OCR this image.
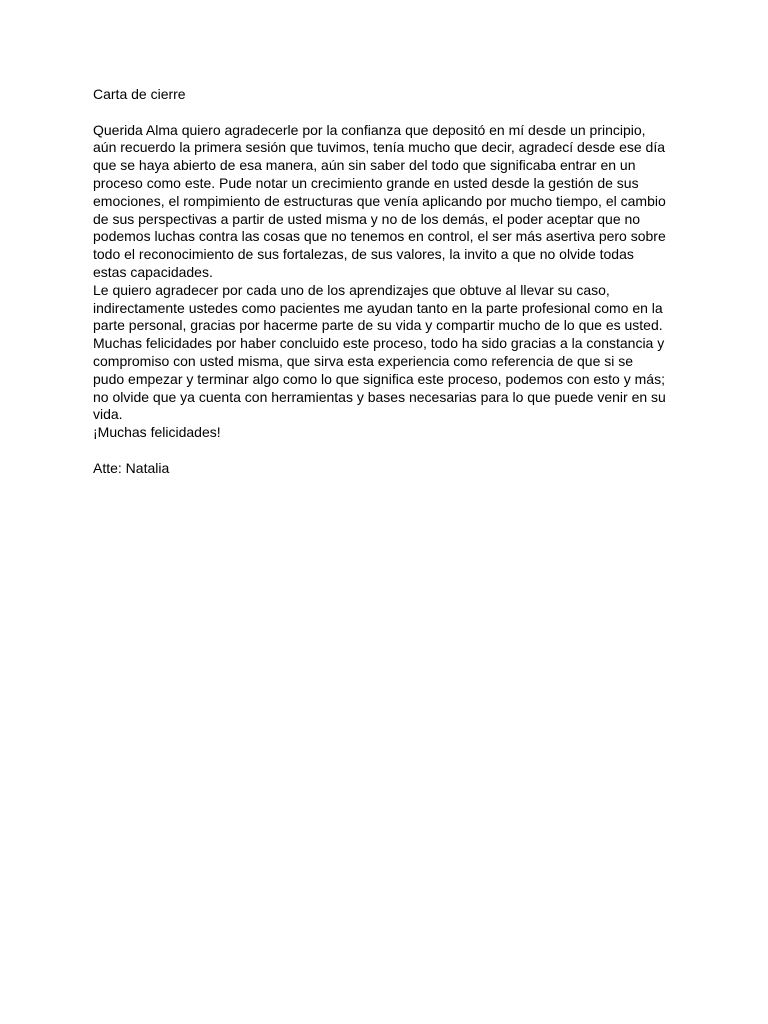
Carta de cierre
Querida Alma quiero agradecerle por la confianza que depositó en mí desde un principio,
aún recuerdo la primera sesión que tuvimos, tenía mucho que decir, agradecí desde ese día
que se haya abierto de esa manera, aún sin saber del todo que significaba entrar en un
proceso como este. Pude notar un crecimiento grande en usted desde la gestión de sus
emociones, el rompimiento de estructuras que venía aplicando por mucho tiempo, el cambio
de sus perspectivas a partir de usted misma y no de los demás, el poder aceptar que no
podemos luchas contra las cosas que no tenemos en control, el ser más asertiva pero sobre
todo el reconocimiento de sus fortalezas, de sus valores, la invito a que no olvide todas
estas capacidades.
Le quiero agradecer por cada uno de los aprendizajes que obtuve al llevar su caso,
indirectamente ustedes como pacientes me ayudan tanto en la parte profesional como en la
parte personal, gracias por hacerme parte de su vida y compartir mucho de lo que es usted.
Muchas felicidades por haber concluido este proceso, todo ha sido gracias a la constancia y
compromiso con usted misma, que sirva esta experiencia como referencia de que si se
pudo empezar y terminar algo como lo que significa este proceso, podemos con esto y más;
no olvide que ya cuenta con herramientas y bases necesarias para lo que puede venir en su
vida.
¡Muchas felicidades!
Atte: Natalia
